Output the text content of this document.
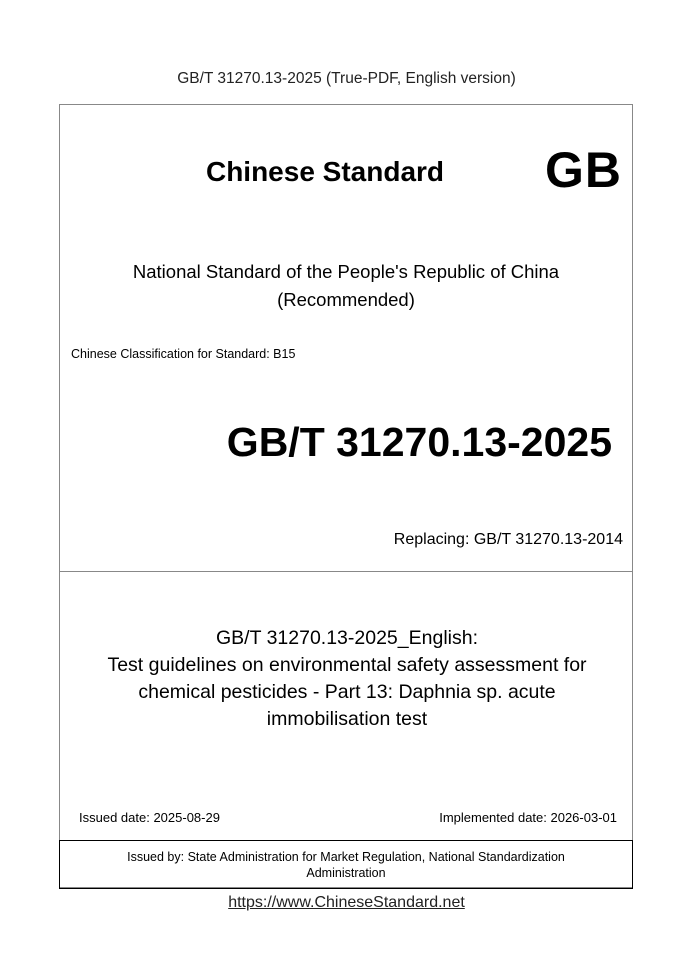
GB/T 31270.13-2025 (True-PDF, English version)
Chinese Standard	GB
National Standard of the People's Republic of China
(Recommended)
Chinese Classification for Standard: B15
GB/T 31270.13-2025
Replacing: GB/T 31270.13-2014
GB/T 31270.13-2025_English:
Test guidelines on environmental safety assessment for
chemical pesticides - Part 13: Daphnia sp. acute
immobilisation test
Issued date: 2025-08-29	Implemented date: 2026-03-01
Issued by: State Administration for Market Regulation, National Standardization
Administration
https://www.ChineseStandard.net
